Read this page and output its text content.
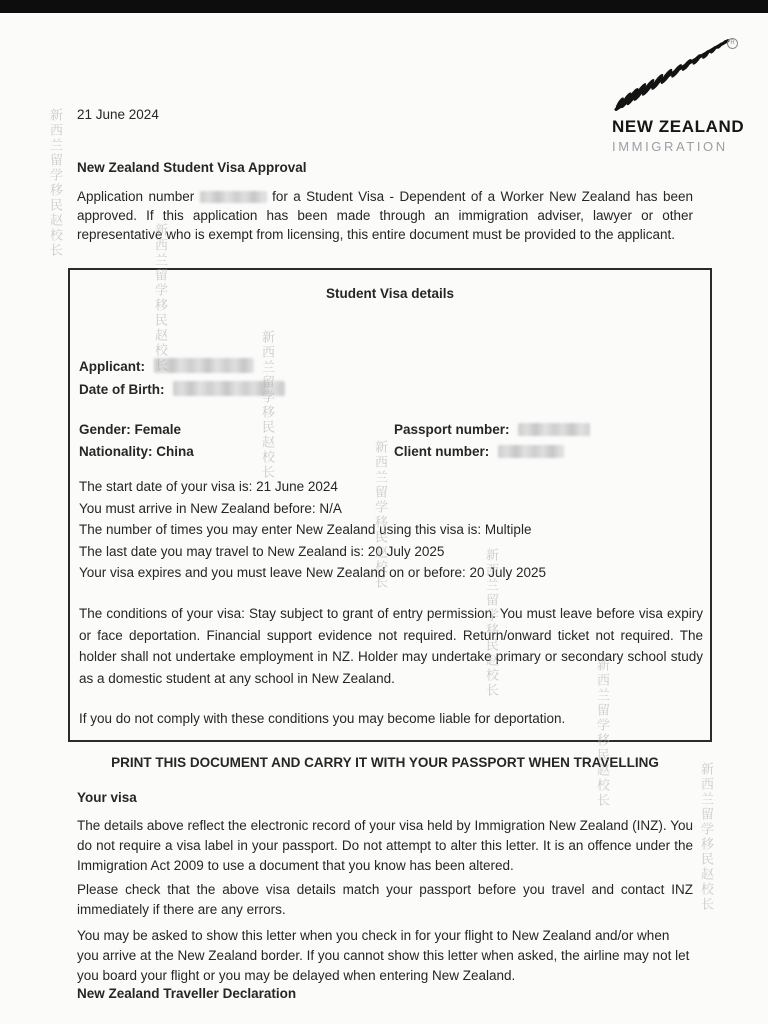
新西兰留学移民赵校长
新西兰留学移民赵校长
新西兰留学移民赵校长
新西兰留学移民赵校长
新西兰留学移民赵校长
新西兰留学移民赵校长
新西兰留学移民赵校长
21 June 2024
R
NEW ZEALAND
IMMIGRATION
New Zealand Student Visa Approval
Application number	for a Student Visa - Dependent of a Worker New Zealand has been approved. If this application has been made through an immigration adviser, lawyer or other representative who is exempt from licensing, this entire document must be provided to the applicant.
Student Visa details
Applicant:
Date of Birth:
Gender: Female
Nationality: China
Passport number:
Client number:
The start date of your visa is: 21 June 2024
You must arrive in New Zealand before: N/A
The number of times you may enter New Zealand using this visa is: Multiple
The last date you may travel to New Zealand is: 20 July 2025
Your visa expires and you must leave New Zealand on or before: 20 July 2025
The conditions of your visa: Stay subject to grant of entry permission. You must leave before visa expiry or face deportation. Financial support evidence not required. Return/onward ticket not required. The holder shall not undertake employment in NZ. Holder may undertake primary or secondary school study as a domestic student at any school in New Zealand.
If you do not comply with these conditions you may become liable for deportation.
PRINT THIS DOCUMENT AND CARRY IT WITH YOUR PASSPORT WHEN TRAVELLING
Your visa
The details above reflect the electronic record of your visa held by Immigration New Zealand (INZ). You do not require a visa label in your passport. Do not attempt to alter this letter. It is an offence under the Immigration Act 2009 to use a document that you know has been altered.
Please check that the above visa details match your passport before you travel and contact INZ immediately if there are any errors.
You may be asked to show this letter when you check in for your flight to New Zealand and/or when you arrive at the New Zealand border. If you cannot show this letter when asked, the airline may not let you board your flight or you may be delayed when entering New Zealand.
New Zealand Traveller Declaration
